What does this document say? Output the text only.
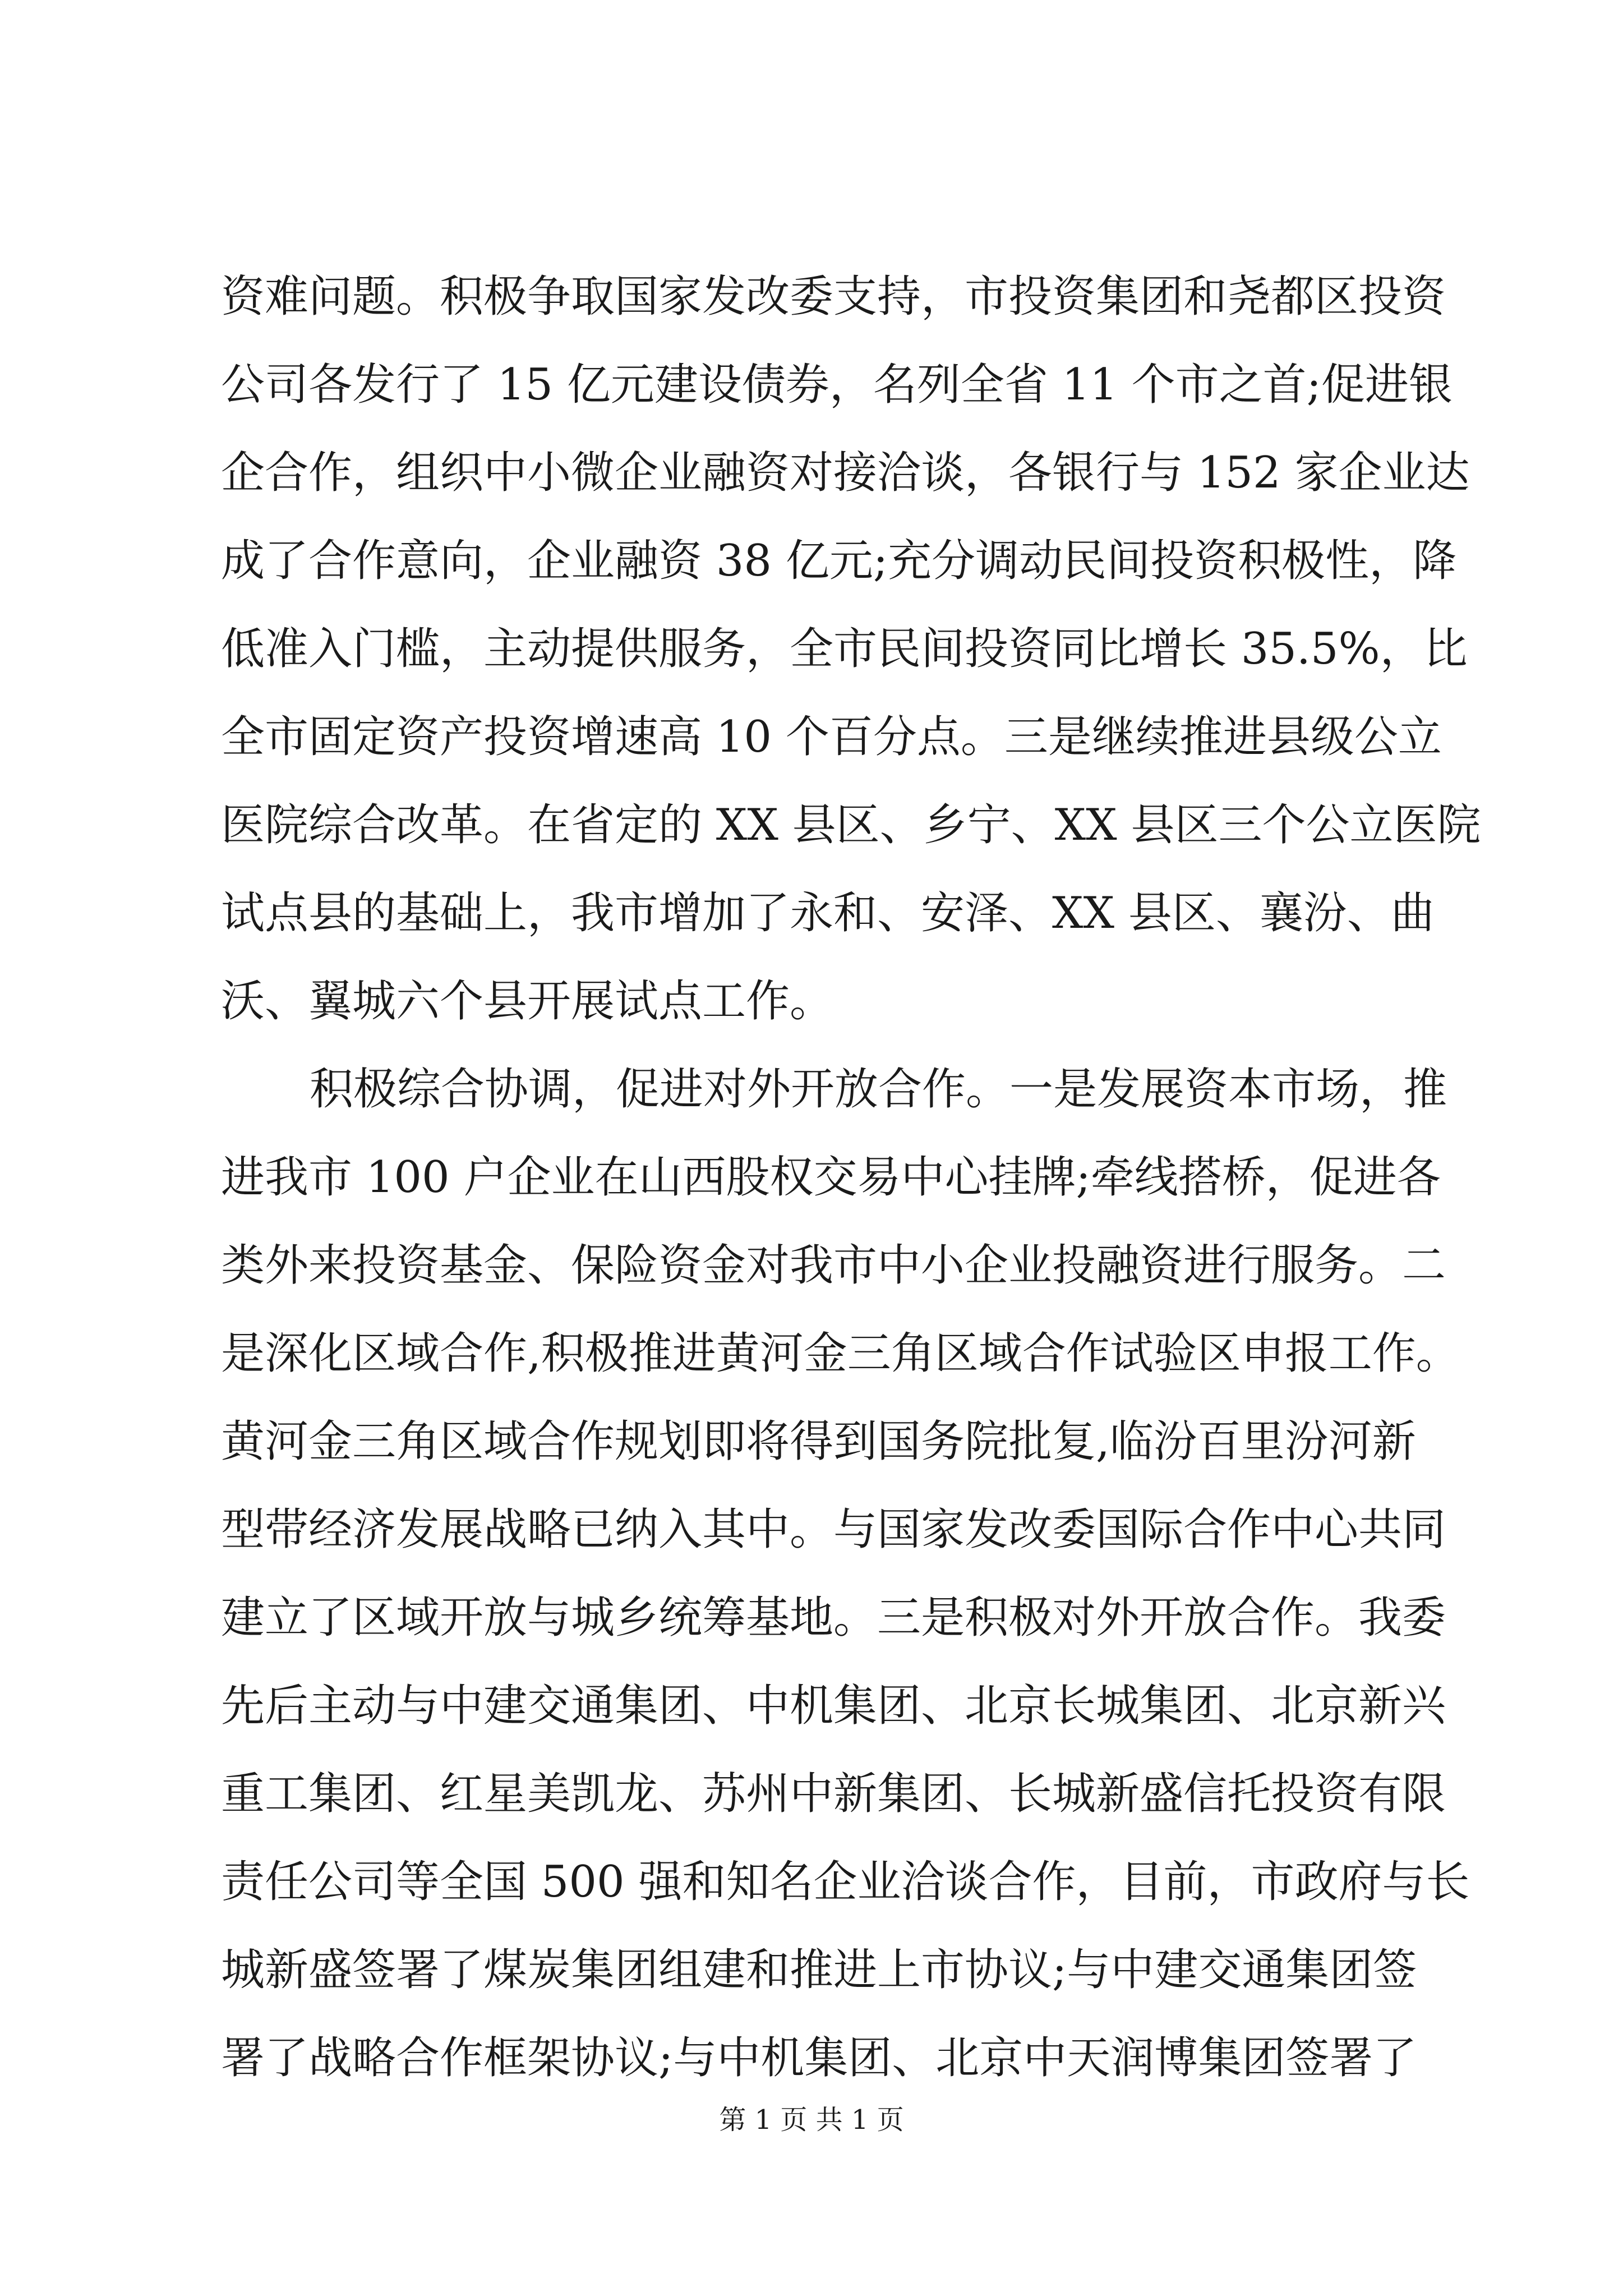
资难问题。积极争取国家发改委支持，市投资集团和尧都区投资
公司各发行了 15 亿元建设债券，名列全省 11 个市之首;促进银
企合作，组织中小微企业融资对接洽谈，各银行与 152 家企业达
成了合作意向，企业融资 38 亿元;充分调动民间投资积极性，降
低准入门槛，主动提供服务，全市民间投资同比增长 35.5%，比
全市固定资产投资增速高 10 个百分点。三是继续推进县级公立
医院综合改革。在省定的 XX 县区、乡宁、XX 县区三个公立医院
试点县的基础上，我市增加了永和、安泽、XX 县区、襄汾、曲
沃、翼城六个县开展试点工作。
积极综合协调，促进对外开放合作。一是发展资本市场，推
进我市 100 户企业在山西股权交易中心挂牌;牵线搭桥，促进各
类外来投资基金、保险资金对我市中小企业投融资进行服务。二
是深化区域合作,积极推进黄河金三角区域合作试验区申报工作。
黄河金三角区域合作规划即将得到国务院批复,临汾百里汾河新
型带经济发展战略已纳入其中。与国家发改委国际合作中心共同
建立了区域开放与城乡统筹基地。三是积极对外开放合作。我委
先后主动与中建交通集团、中机集团、北京长城集团、北京新兴
重工集团、红星美凯龙、苏州中新集团、长城新盛信托投资有限
责任公司等全国 500 强和知名企业洽谈合作，目前，市政府与长
城新盛签署了煤炭集团组建和推进上市协议;与中建交通集团签
署了战略合作框架协议;与中机集团、北京中天润博集团签署了
第 1 页 共 1 页
